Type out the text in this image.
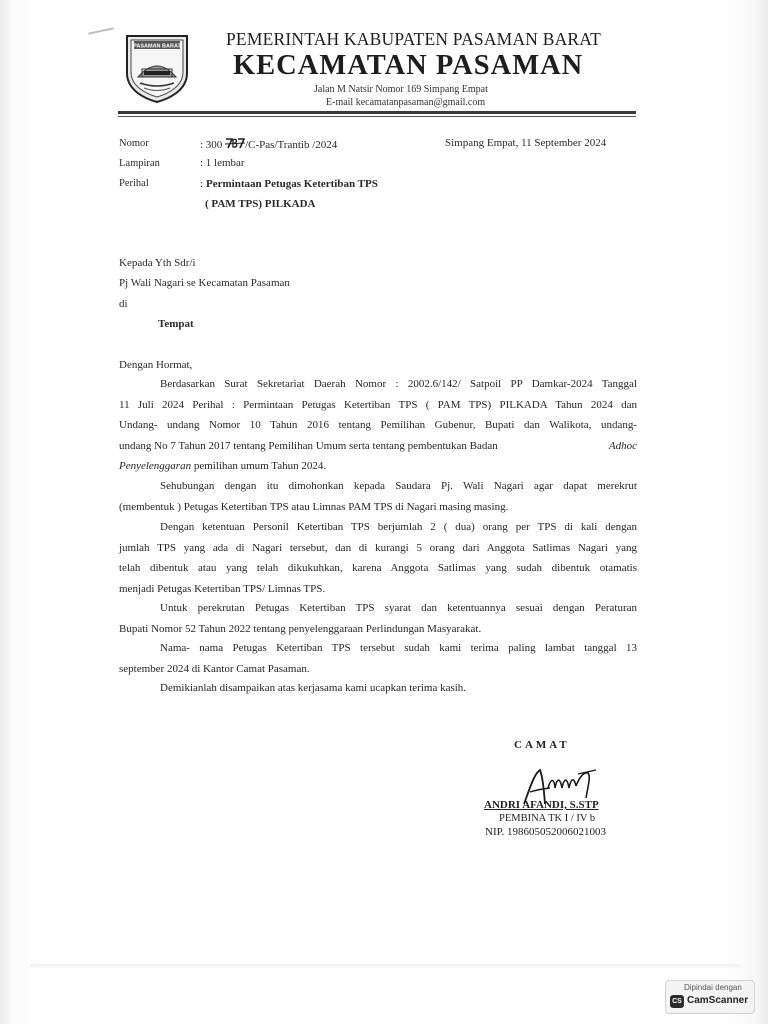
PASAMAN BARAT	PEMERINTAH KABUPATEN PASAMAN BARAT
KECAMATAN PASAMAN
Jalan M Natsir Nomor 169 Simpang Empat
E-mail kecamatanpasaman@gmail.com
Nomor	: 300 /C-Pas/Trantib /2024	Simpang Empat, 11 September 2024
Lampiran	: 1 lembar
Perihal	: Permintaan Petugas Ketertiban TPS
( PAM TPS) PILKADA
Kepada Yth Sdr/i
Pj Wali Nagari se Kecamatan Pasaman
di
Tempat
Dengan Hormat,
Berdasarkan Surat Sekretariat Daerah Nomor : 2002.6/142/ Satpoil PP Damkar-2024 Tanggal
11 Juli 2024 Perihal : Permintaan Petugas Ketertiban TPS ( PAM TPS) PILKADA Tahun 2024 dan
Undang- undang Nomor 10 Tahun 2016 tentang Pemilihan Gubenur, Bupati dan Walikota, undang-
undang No 7 Tahun 2017 tentang Pemilihan Umum serta tentang pembentukan Badan	Adhoc
Penyelenggaran pemilihan umum Tahun 2024.
Sehubungan dengan itu dimohonkan kepada Saudara Pj. Wali Nagari agar dapat merekrut
(membentuk ) Petugas Ketertiban TPS atau Limnas PAM TPS di Nagari masing masing.
Dengan ketentuan Personil Ketertiban TPS berjumlah 2 ( dua) orang per TPS di kali dengan
jumlah TPS yang ada di Nagari tersebut, dan di kurangi 5 orang dari Anggota Satlimas Nagari yang
telah dibentuk atau yang telah dikukuhkan, karena Anggota Satlimas yang sudah dibentuk otamatis
menjadi Petugas Ketertiban TPS/ Limnas TPS.
Untuk perekrutan Petugas Ketertiban TPS syarat dan ketentuannya sesuai dengan Peraturan
Bupati Nomor 52 Tahun 2022 tentang penyelenggaraan Perlindungan Masyarakat.
Nama- nama Petugas Ketertiban TPS tersebut sudah kami terima paling lambat tanggal 13
september 2024 di Kantor Camat Pasaman.
Demikianlah disampaikan atas kerjasama kami ucapkan terima kasih.
CAMAT
ANDRI AFANDI, S.STP
PEMBINA TK I / IV b
NIP. 198605052006021003
Dipindai dengan
CS CamScanner
